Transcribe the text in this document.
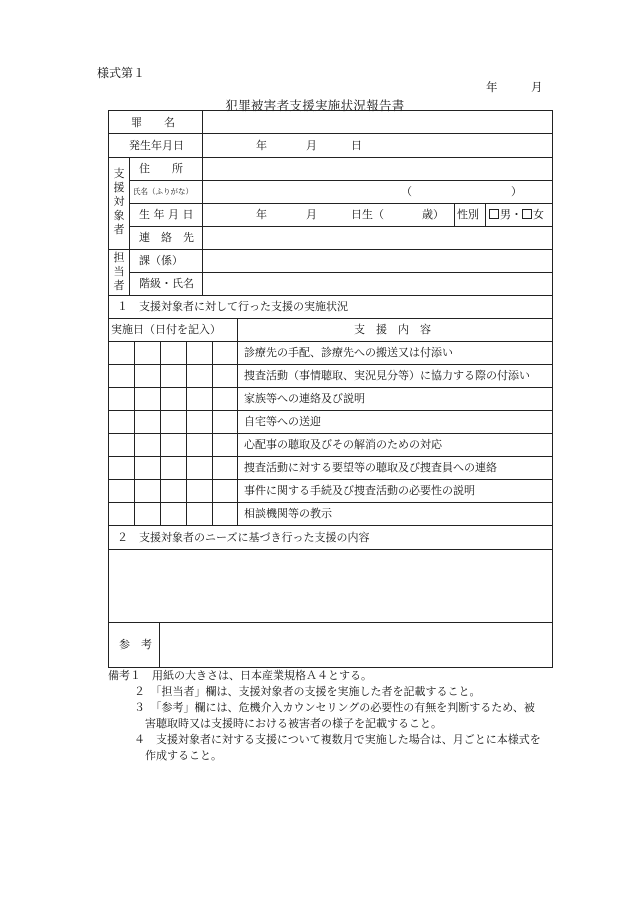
様式第１
年	月
犯罪被害者支援実施状況報告書
罪　　名
発生年月日	年	月	日
支
援
対
象
者
住　　所
氏名（ふりがな）	（	）
生 年 月 日	年	月	日生（	歳） 性別	男・ 女
連　絡　先
担
当
者
課（係）
階級・氏名
１　支援対象者に対して行った支援の実施状況
実施日（日付を記入）	支　援　内　容
診療先の手配、診療先への搬送又は付添い
捜査活動（事情聴取、実況見分等）に協力する際の付添い
家族等への連絡及び説明
自宅等への送迎
心配事の聴取及びその解消のための対応
捜査活動に対する要望等の聴取及び捜査員への連絡
事件に関する手続及び捜査活動の必要性の説明
相談機関等の教示
２　支援対象者のニーズに基づき行った支援の内容
参　考
備考１　用紙の大きさは、日本産業規格Ａ４とする。
２　「担当者」欄は、支援対象者の支援を実施した者を記載すること。
３　「参考」欄には、危機介入カウンセリングの必要性の有無を判断するため、被
害聴取時又は支援時における被害者の様子を記載すること。
４　支援対象者に対する支援について複数月で実施した場合は、月ごとに本様式を
作成すること。
